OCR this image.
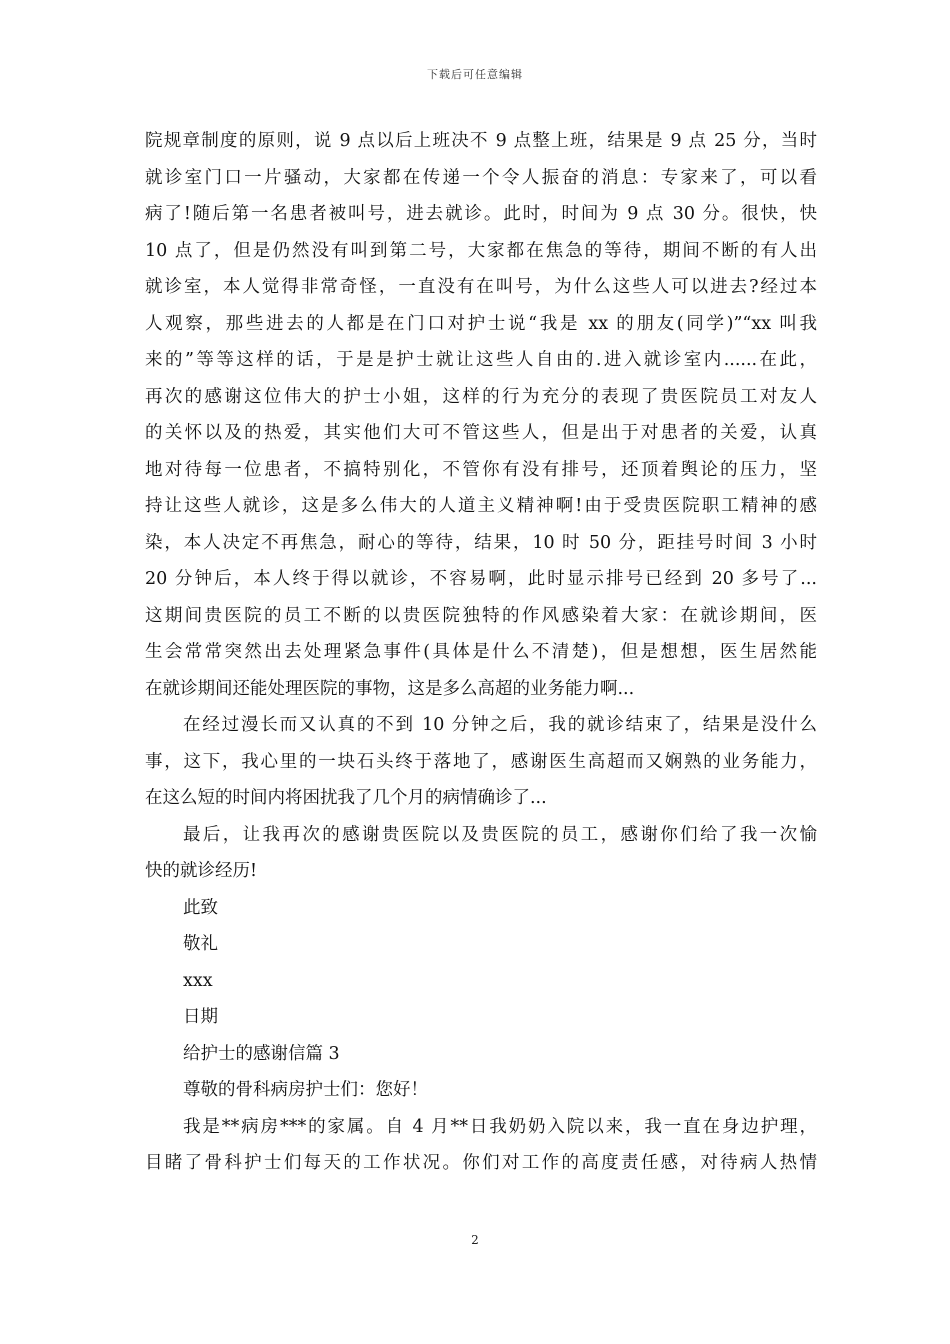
下载后可任意编辑
院规章制度的原则，说 9 点以后上班决不 9 点整上班，结果是 9 点 25 分，当时
就诊室门口一片骚动，大家都在传递一个令人振奋的消息：专家来了，可以看
病了!随后第一名患者被叫号，进去就诊。此时，时间为 9 点 30 分。很快，快
10 点了，但是仍然没有叫到第二号，大家都在焦急的等待，期间不断的有人出
就诊室，本人觉得非常奇怪，一直没有在叫号，为什么这些人可以进去?经过本
人观察，那些进去的人都是在门口对护士说“我是 xx 的朋友(同学)”“xx 叫我
来的”等等这样的话，于是是护士就让这些人自由的.进入就诊室内......在此，
再次的感谢这位伟大的护士小姐，这样的行为充分的表现了贵医院员工对友人
的关怀以及的热爱，其实他们大可不管这些人，但是出于对患者的关爱，认真
地对待每一位患者，不搞特别化，不管你有没有排号，还顶着舆论的压力，坚
持让这些人就诊，这是多么伟大的人道主义精神啊!由于受贵医院职工精神的感
染，本人决定不再焦急，耐心的等待，结果，10 时 50 分，距挂号时间 3 小时
20 分钟后，本人终于得以就诊，不容易啊，此时显示排号已经到 20 多号了...
这期间贵医院的员工不断的以贵医院独特的作风感染着大家：在就诊期间，医
生会常常突然出去处理紧急事件(具体是什么不清楚)，但是想想，医生居然能
在就诊期间还能处理医院的事物，这是多么高超的业务能力啊...
在经过漫长而又认真的不到 10 分钟之后，我的就诊结束了，结果是没什么
事，这下，我心里的一块石头终于落地了，感谢医生高超而又娴熟的业务能力，
在这么短的时间内将困扰我了几个月的病情确诊了...
最后，让我再次的感谢贵医院以及贵医院的员工，感谢你们给了我一次愉
快的就诊经历!
此致
敬礼
xxx
日期
给护士的感谢信篇 3
尊敬的骨科病房护士们：您好！
我是**病房***的家属。自 4 月**日我奶奶入院以来，我一直在身边护理，
目睹了骨科护士们每天的工作状况。你们对工作的高度责任感，对待病人热情
2
